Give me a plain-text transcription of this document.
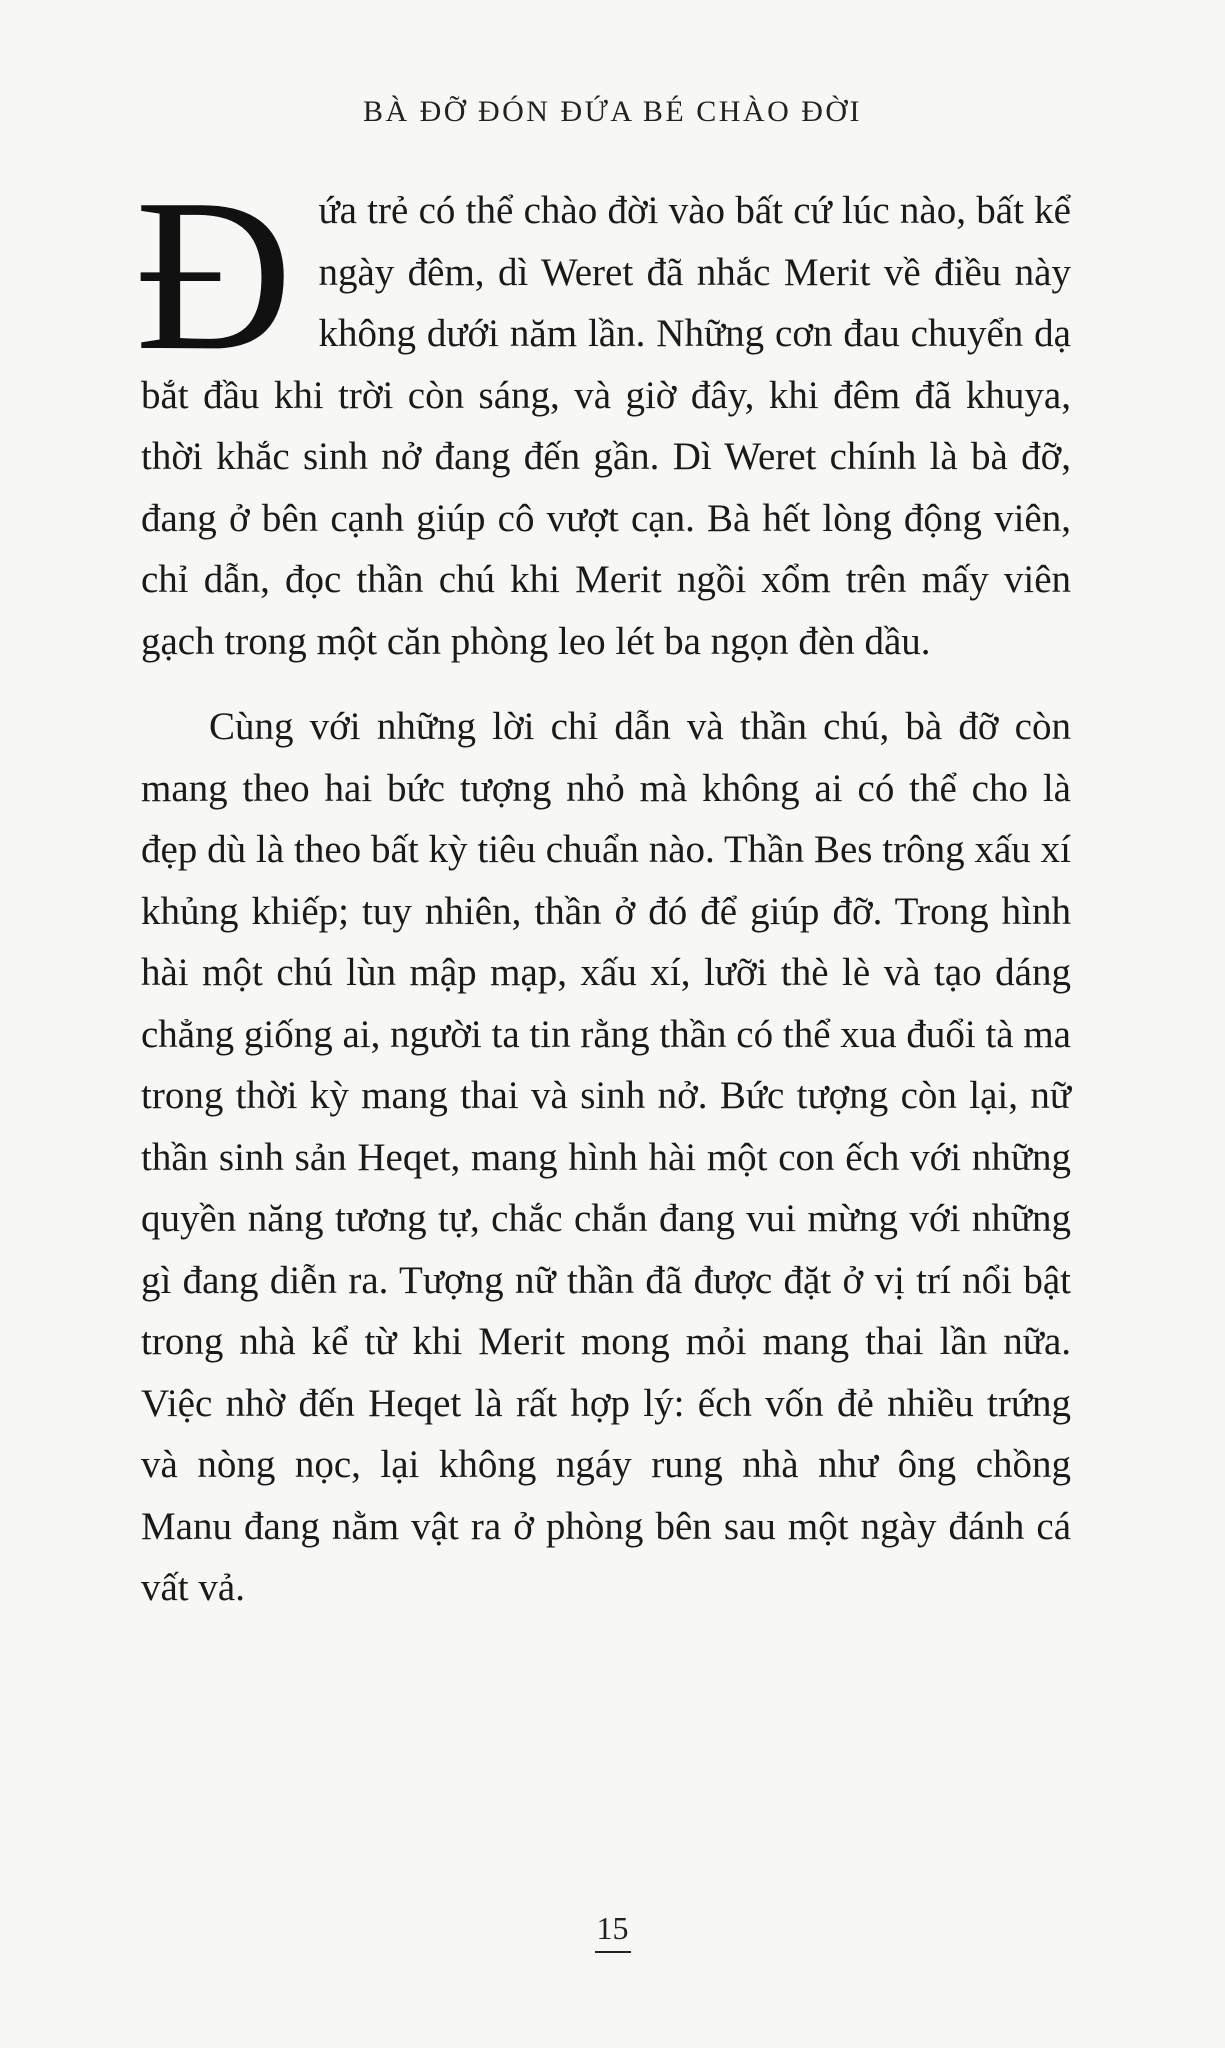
BÀ ĐỠ ĐÓN ĐỨA BÉ CHÀO ĐỜI

Đứa trẻ có thể chào đời vào bất cứ lúc nào, bất kể ngày đêm, dì Weret đã nhắc Merit về điều này không dưới năm lần. Những cơn đau chuyển dạ bắt đầu khi trời còn sáng, và giờ đây, khi đêm đã khuya, thời khắc sinh nở đang đến gần. Dì Weret chính là bà đỡ, đang ở bên cạnh giúp cô vượt cạn. Bà hết lòng động viên, chỉ dẫn, đọc thần chú khi Merit ngồi xổm trên mấy viên gạch trong một căn phòng leo lét ba ngọn đèn dầu.

Cùng với những lời chỉ dẫn và thần chú, bà đỡ còn mang theo hai bức tượng nhỏ mà không ai có thể cho là đẹp dù là theo bất kỳ tiêu chuẩn nào. Thần Bes trông xấu xí khủng khiếp; tuy nhiên, thần ở đó để giúp đỡ. Trong hình hài một chú lùn mập mạp, xấu xí, lưỡi thè lè và tạo dáng chẳng giống ai, người ta tin rằng thần có thể xua đuổi tà ma trong thời kỳ mang thai và sinh nở. Bức tượng còn lại, nữ thần sinh sản Heqet, mang hình hài một con ếch với những quyền năng tương tự, chắc chắn đang vui mừng với những gì đang diễn ra. Tượng nữ thần đã được đặt ở vị trí nổi bật trong nhà kể từ khi Merit mong mỏi mang thai lần nữa. Việc nhờ đến Heqet là rất hợp lý: ếch vốn đẻ nhiều trứng và nòng nọc, lại không ngáy rung nhà như ông chồng Manu đang nằm vật ra ở phòng bên sau một ngày đánh cá vất vả.

15
